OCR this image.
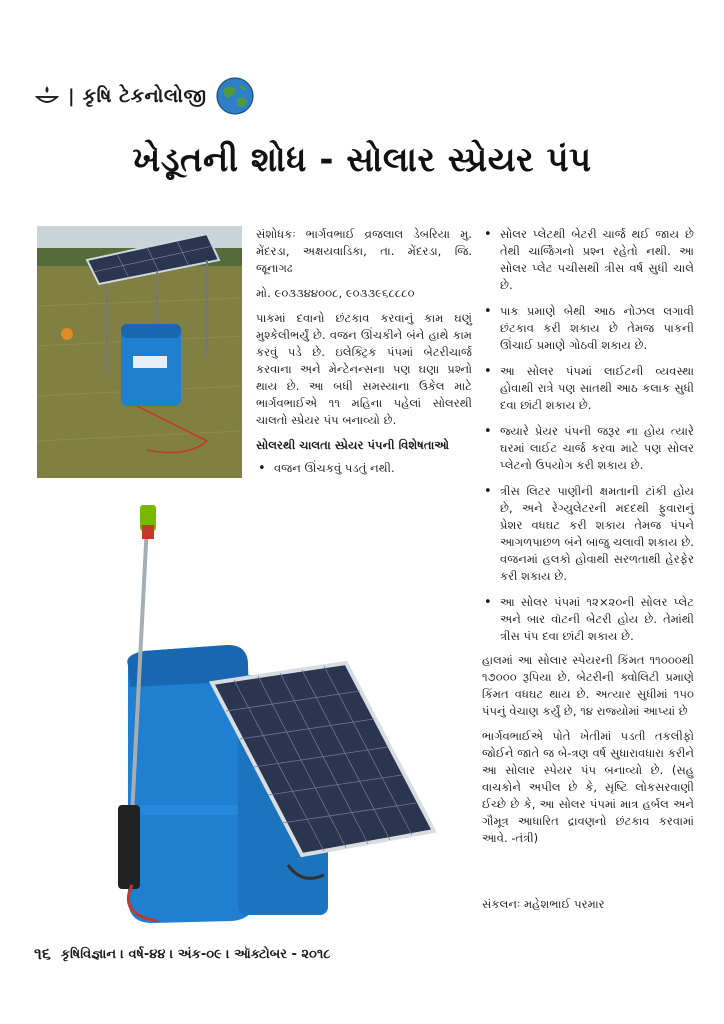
| કૃષિ ટેકનોલોજી
ખેડૂતની શોધ - સોલાર સ્પ્રેયર પંપ

સંશોધકઃ ભાર્ગવભાઈ વ્રજલાલ ડેબરિયા મુ. મેંદરડા, અક્ષયવાડિકા, તા. મેંદરડા, જિ. જૂનાગઢ

મો. ૯૦૩૩૪૪૦૦૮, ૯૦૩૩૯૬૮૮૮૦

પાકમાં દવાનો છંટકાવ કરવાનું કામ ઘણું મુશ્કેલીભર્યું છે. વજન ઊંચકીને બંને હાથે કામ કરવું પડે છે. ઇલેક્ટ્રિક પંપમાં બેટરીચાર્જ કરવાના અને મેન્ટેનન્સના પણ ઘણા પ્રશ્નો થાય છે. આ બધી સમસ્યાના ઉકેલ માટે ભાર્ગવભાઈએ ૧૧ મહિના પહેલાં સોલરથી ચાલતો સ્પ્રેયર પંપ બનાવ્યો છે.

સોલરથી ચાલતા સ્પ્રેયર પંપની વિશેષતાઓ
• વજન ઊંચકવું પડતું નથી.
• સોલર પ્લેટથી બેટરી ચાર્જ થઈ જાય છે તેથી ચાર્જિંગનો પ્રશ્ન રહેતો નથી. આ સોલર પ્લેટ પચીસથી ત્રીસ વર્ષ સુધી ચાલે છે.
• પાક પ્રમાણે બેથી આઠ નોઝલ લગાવી છંટકાવ કરી શકાય છે તેમજ પાકની ઊંચાઈ પ્રમાણે ગોઠવી શકાય છે.
• આ સોલર પંપમાં લાઈટની વ્યવસ્થા હોવાથી રાત્રે પણ સાતથી આઠ કલાક સુધી દવા છાંટી શકાય છે.
• જ્યારે પ્રેયર પંપની જરૂર ના હોય ત્યારે ઘરમાં લાઈટ ચાર્જ કરવા માટે પણ સોલર પ્લેટનો ઉપયોગ કરી શકાય છે.
• ત્રીસ લિટર પાણીની ક્ષમતાની ટાંકી હોય છે, અને રેગ્યુલેટરની મદદથી ફુવારાનું પ્રેશર વધઘટ કરી શકાય તેમજ પંપને આગળપાછળ બંને બાજુ ચલાવી શકાય છે. વજનમાં હલકો હોવાથી સરળતાથી હેરફેર કરી શકાય છે.
• આ સોલર પંપમાં ૧૨×૨૦ની સોલર પ્લેટ અને બાર વૉટની બેટરી હોય છે. તેમાંથી ત્રીસ પંપ દવા છાંટી શકાય છે.

હાલમાં આ સોલાર સ્પેયરની કિંમત ૧૧૦૦૦થી ૧૭૦૦૦ રૂપિયા છે. બેટરીની ક્વોલિટી પ્રમાણે કિંમત વધઘટ થાય છે. અત્યાર સુધીમાં ૧૫૦ પંપનું વેચાણ કર્યું છે, ૧૪ રાજ્યોમાં આપ્યાં છે

ભાર્ગવભાઈએ પોતે ખેતીમાં પડતી તકલીફો જોઈને જાતે જ બે-ત્રણ વર્ષ સુધારાવધારા કરીને આ સોલાર સ્પેયર પંપ બનાવ્યો છે. (સહુ વાચકોને અપીલ છે કે, સૃષ્ટિ લોકસરવાણી ઈચ્છે છે કે, આ સોલર પંપમાં માત્ર હર્બલ અને ગૌમૂત્ર આધારિત દ્રાવણનો છંટકાવ કરવામાં આવે. -તંત્રી)

સંકલનઃ મહેશભાઈ પરમાર
૧૬ કૃષિવિજ્ઞાન । વર્ષ-૪૪ । અંક-૦૯ । ઑક્ટોબર - ૨૦૧૮
